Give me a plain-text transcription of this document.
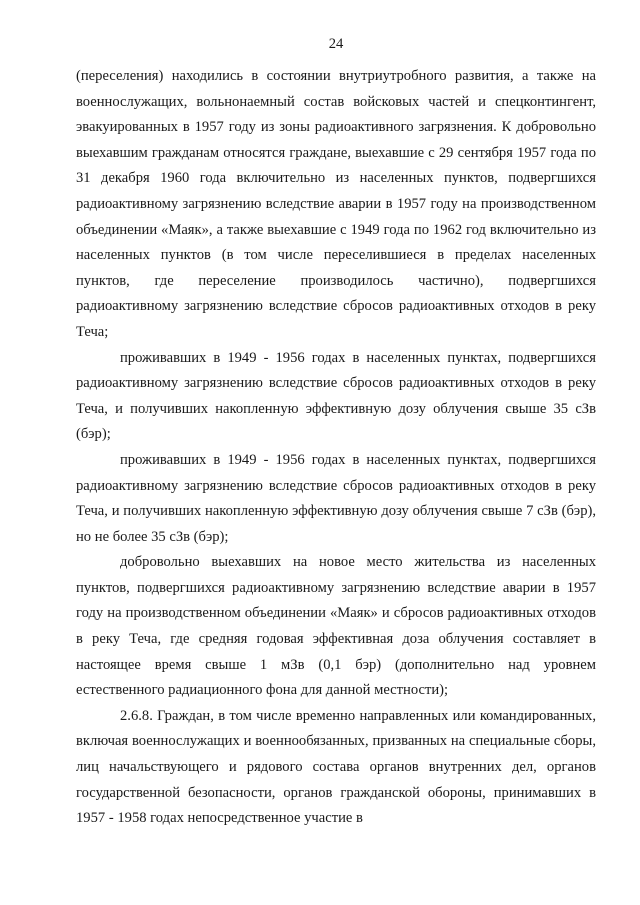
24

(переселения) находились в состоянии внутриутробного развития, а также на военнослужащих, вольнонаемный состав войсковых частей и спецконтингент, эвакуированных в 1957 году из зоны радиоактивного загрязнения. К добровольно выехавшим гражданам относятся граждане, выехавшие с 29 сентября 1957 года по 31 декабря 1960 года включительно из населенных пунктов, подвергшихся радиоактивному загрязнению вследствие аварии в 1957 году на производственном объединении «Маяк», а также выехавшие с 1949 года по 1962 год включительно из населенных пунктов (в том числе переселившиеся в пределах населенных пунктов, где переселение производилось частично), подвергшихся радиоактивному загрязнению вследствие сбросов радиоактивных отходов в реку Теча;

проживавших в 1949 - 1956 годах в населенных пунктах, подвергшихся радиоактивному загрязнению вследствие сбросов радиоактивных отходов в реку Теча, и получивших накопленную эффективную дозу облучения свыше 35 сЗв (бэр);

проживавших в 1949 - 1956 годах в населенных пунктах, подвергшихся радиоактивному загрязнению вследствие сбросов радиоактивных отходов в реку Теча, и получивших накопленную эффективную дозу облучения свыше 7 сЗв (бэр), но не более 35 сЗв (бэр);

добровольно выехавших на новое место жительства из населенных пунктов, подвергшихся радиоактивному загрязнению вследствие аварии в 1957 году на производственном объединении «Маяк» и сбросов радиоактивных отходов в реку Теча, где средняя годовая эффективная доза облучения составляет в настоящее время свыше 1 мЗв (0,1 бэр) (дополнительно над уровнем естественного радиационного фона для данной местности);

2.6.8. Граждан, в том числе временно направленных или командированных, включая военнослужащих и военнообязанных, призванных на специальные сборы, лиц начальствующего и рядового состава органов внутренних дел, органов государственной безопасности, органов гражданской обороны, принимавших в 1957 - 1958 годах непосредственное участие в
